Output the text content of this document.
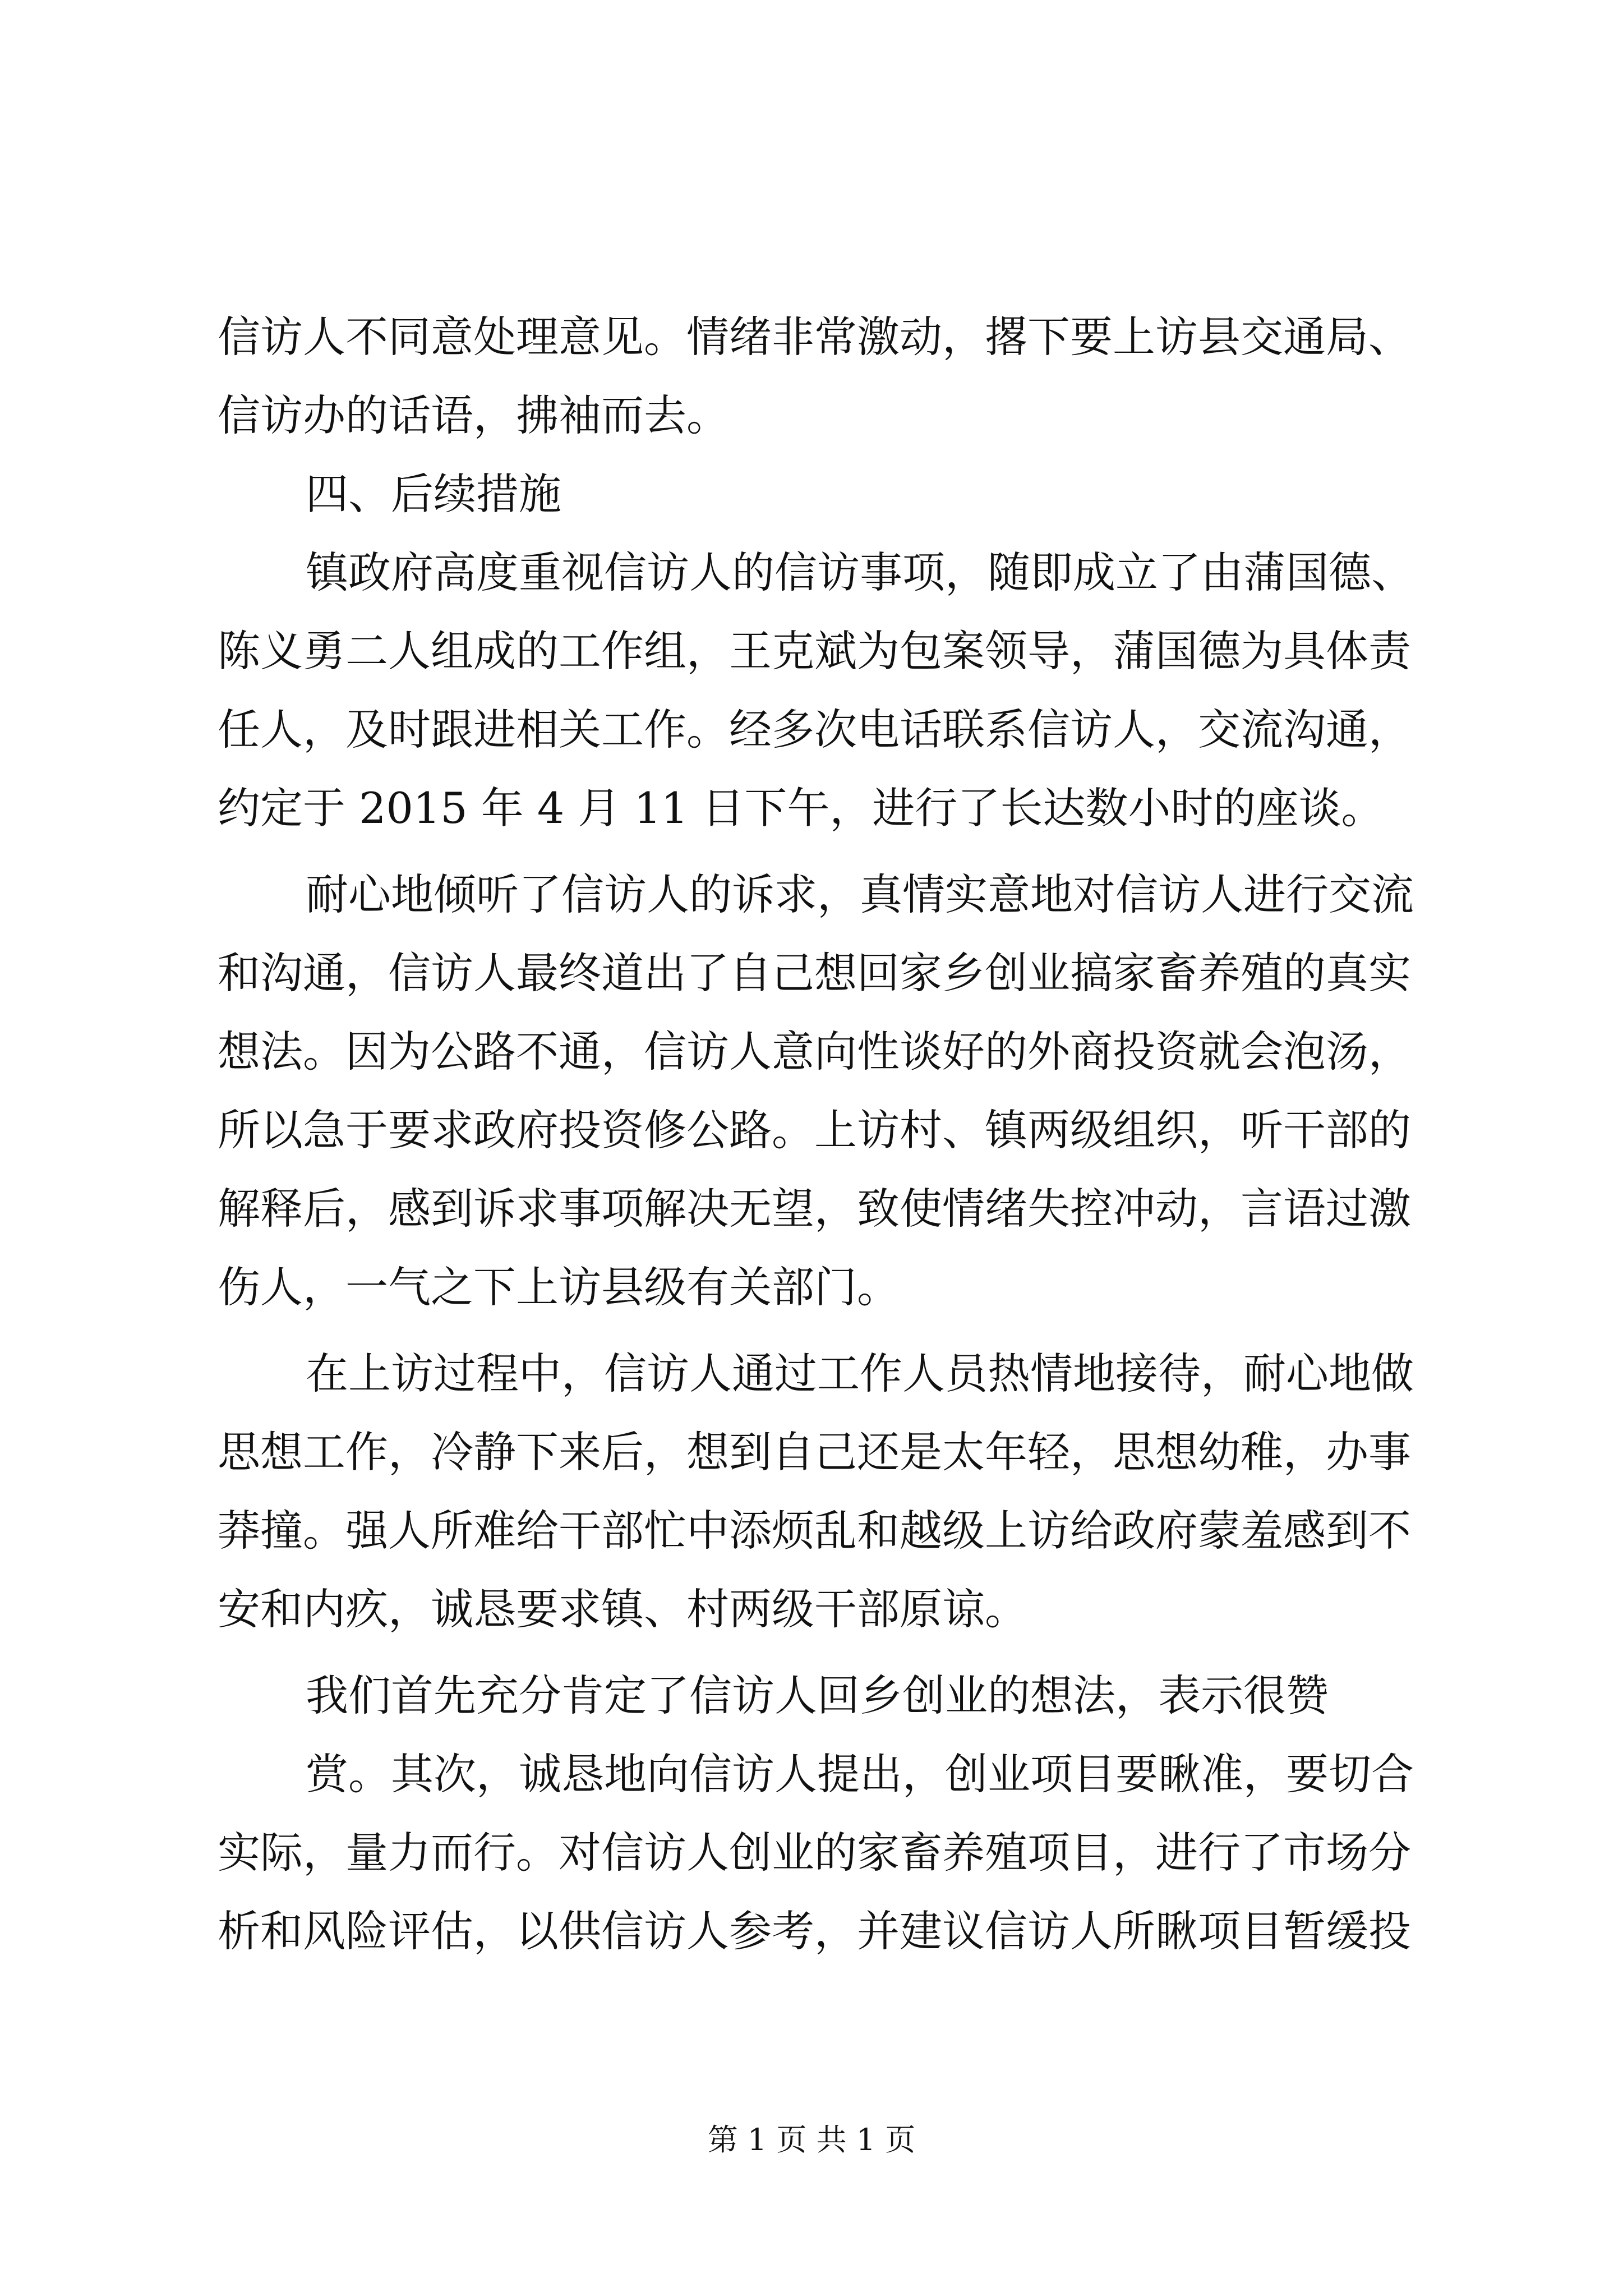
信访人不同意处理意见。情绪非常激动，撂下要上访县交通局、
信访办的话语，拂袖而去。
四、后续措施
镇政府高度重视信访人的信访事项，随即成立了由蒲国德、
陈义勇二人组成的工作组，王克斌为包案领导，蒲国德为具体责
任人，及时跟进相关工作。经多次电话联系信访人，交流沟通，
约定于 2015 年 4 月 11 日下午，进行了长达数小时的座谈。
耐心地倾听了信访人的诉求，真情实意地对信访人进行交流
和沟通，信访人最终道出了自己想回家乡创业搞家畜养殖的真实
想法。因为公路不通，信访人意向性谈好的外商投资就会泡汤，
所以急于要求政府投资修公路。上访村、镇两级组织，听干部的
解释后，感到诉求事项解决无望，致使情绪失控冲动，言语过激
伤人，一气之下上访县级有关部门。
在上访过程中，信访人通过工作人员热情地接待，耐心地做
思想工作，冷静下来后，想到自己还是太年轻，思想幼稚，办事
莽撞。强人所难给干部忙中添烦乱和越级上访给政府蒙羞感到不
安和内疚，诚恳要求镇、村两级干部原谅。
我们首先充分肯定了信访人回乡创业的想法，表示很赞
赏。其次，诚恳地向信访人提出，创业项目要瞅准，要切合
实际，量力而行。对信访人创业的家畜养殖项目，进行了市场分
析和风险评估，以供信访人参考，并建议信访人所瞅项目暂缓投
第 1 页 共 1 页
